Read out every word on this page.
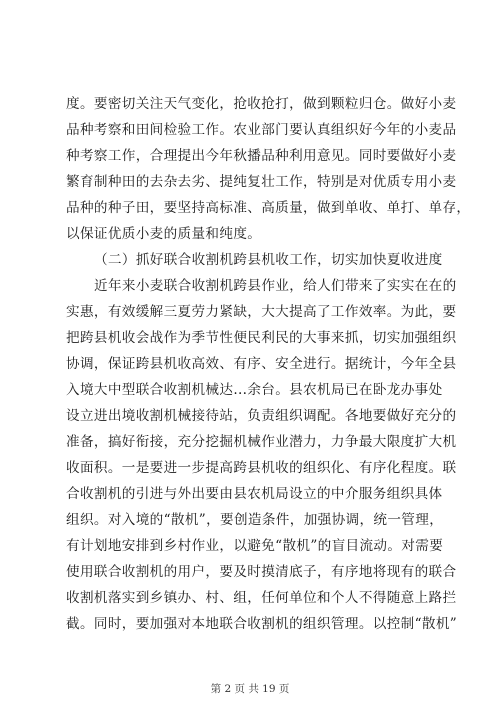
度。要密切关注天气变化，抢收抢打，做到颗粒归仓。做好小麦
品种考察和田间检验工作。农业部门要认真组织好今年的小麦品
种考察工作，合理提出今年秋播品种利用意见。同时要做好小麦
繁育制种田的去杂去劣、提纯复壮工作，特别是对优质专用小麦
品种的种子田，要坚持高标准、高质量，做到单收、单打、单存，
以保证优质小麦的质量和纯度。
（二）抓好联合收割机跨县机收工作，切实加快夏收进度
近年来小麦联合收割机跨县作业，给人们带来了实实在在的
实惠，有效缓解三夏劳力紧缺，大大提高了工作效率。为此，要
把跨县机收会战作为季节性便民利民的大事来抓，切实加强组织
协调，保证跨县机收高效、有序、安全进行。据统计，今年全县
入境大中型联合收割机械达...余台。县农机局已在卧龙办事处
设立进出境收割机械接待站，负责组织调配。各地要做好充分的
准备，搞好衔接，充分挖掘机械作业潜力，力争最大限度扩大机
收面积。一是要进一步提高跨县机收的组织化、有序化程度。联
合收割机的引进与外出要由县农机局设立的中介服务组织具体
组织。对入境的“散机”，要创造条件，加强协调，统一管理，
有计划地安排到乡村作业，以避免“散机”的盲目流动。对需要
使用联合收割机的用户，要及时摸清底子，有序地将现有的联合
收割机落实到乡镇办、村、组，任何单位和个人不得随意上路拦
截。同时，要加强对本地联合收割机的组织管理。以控制“散机”
第 2 页 共 19 页
